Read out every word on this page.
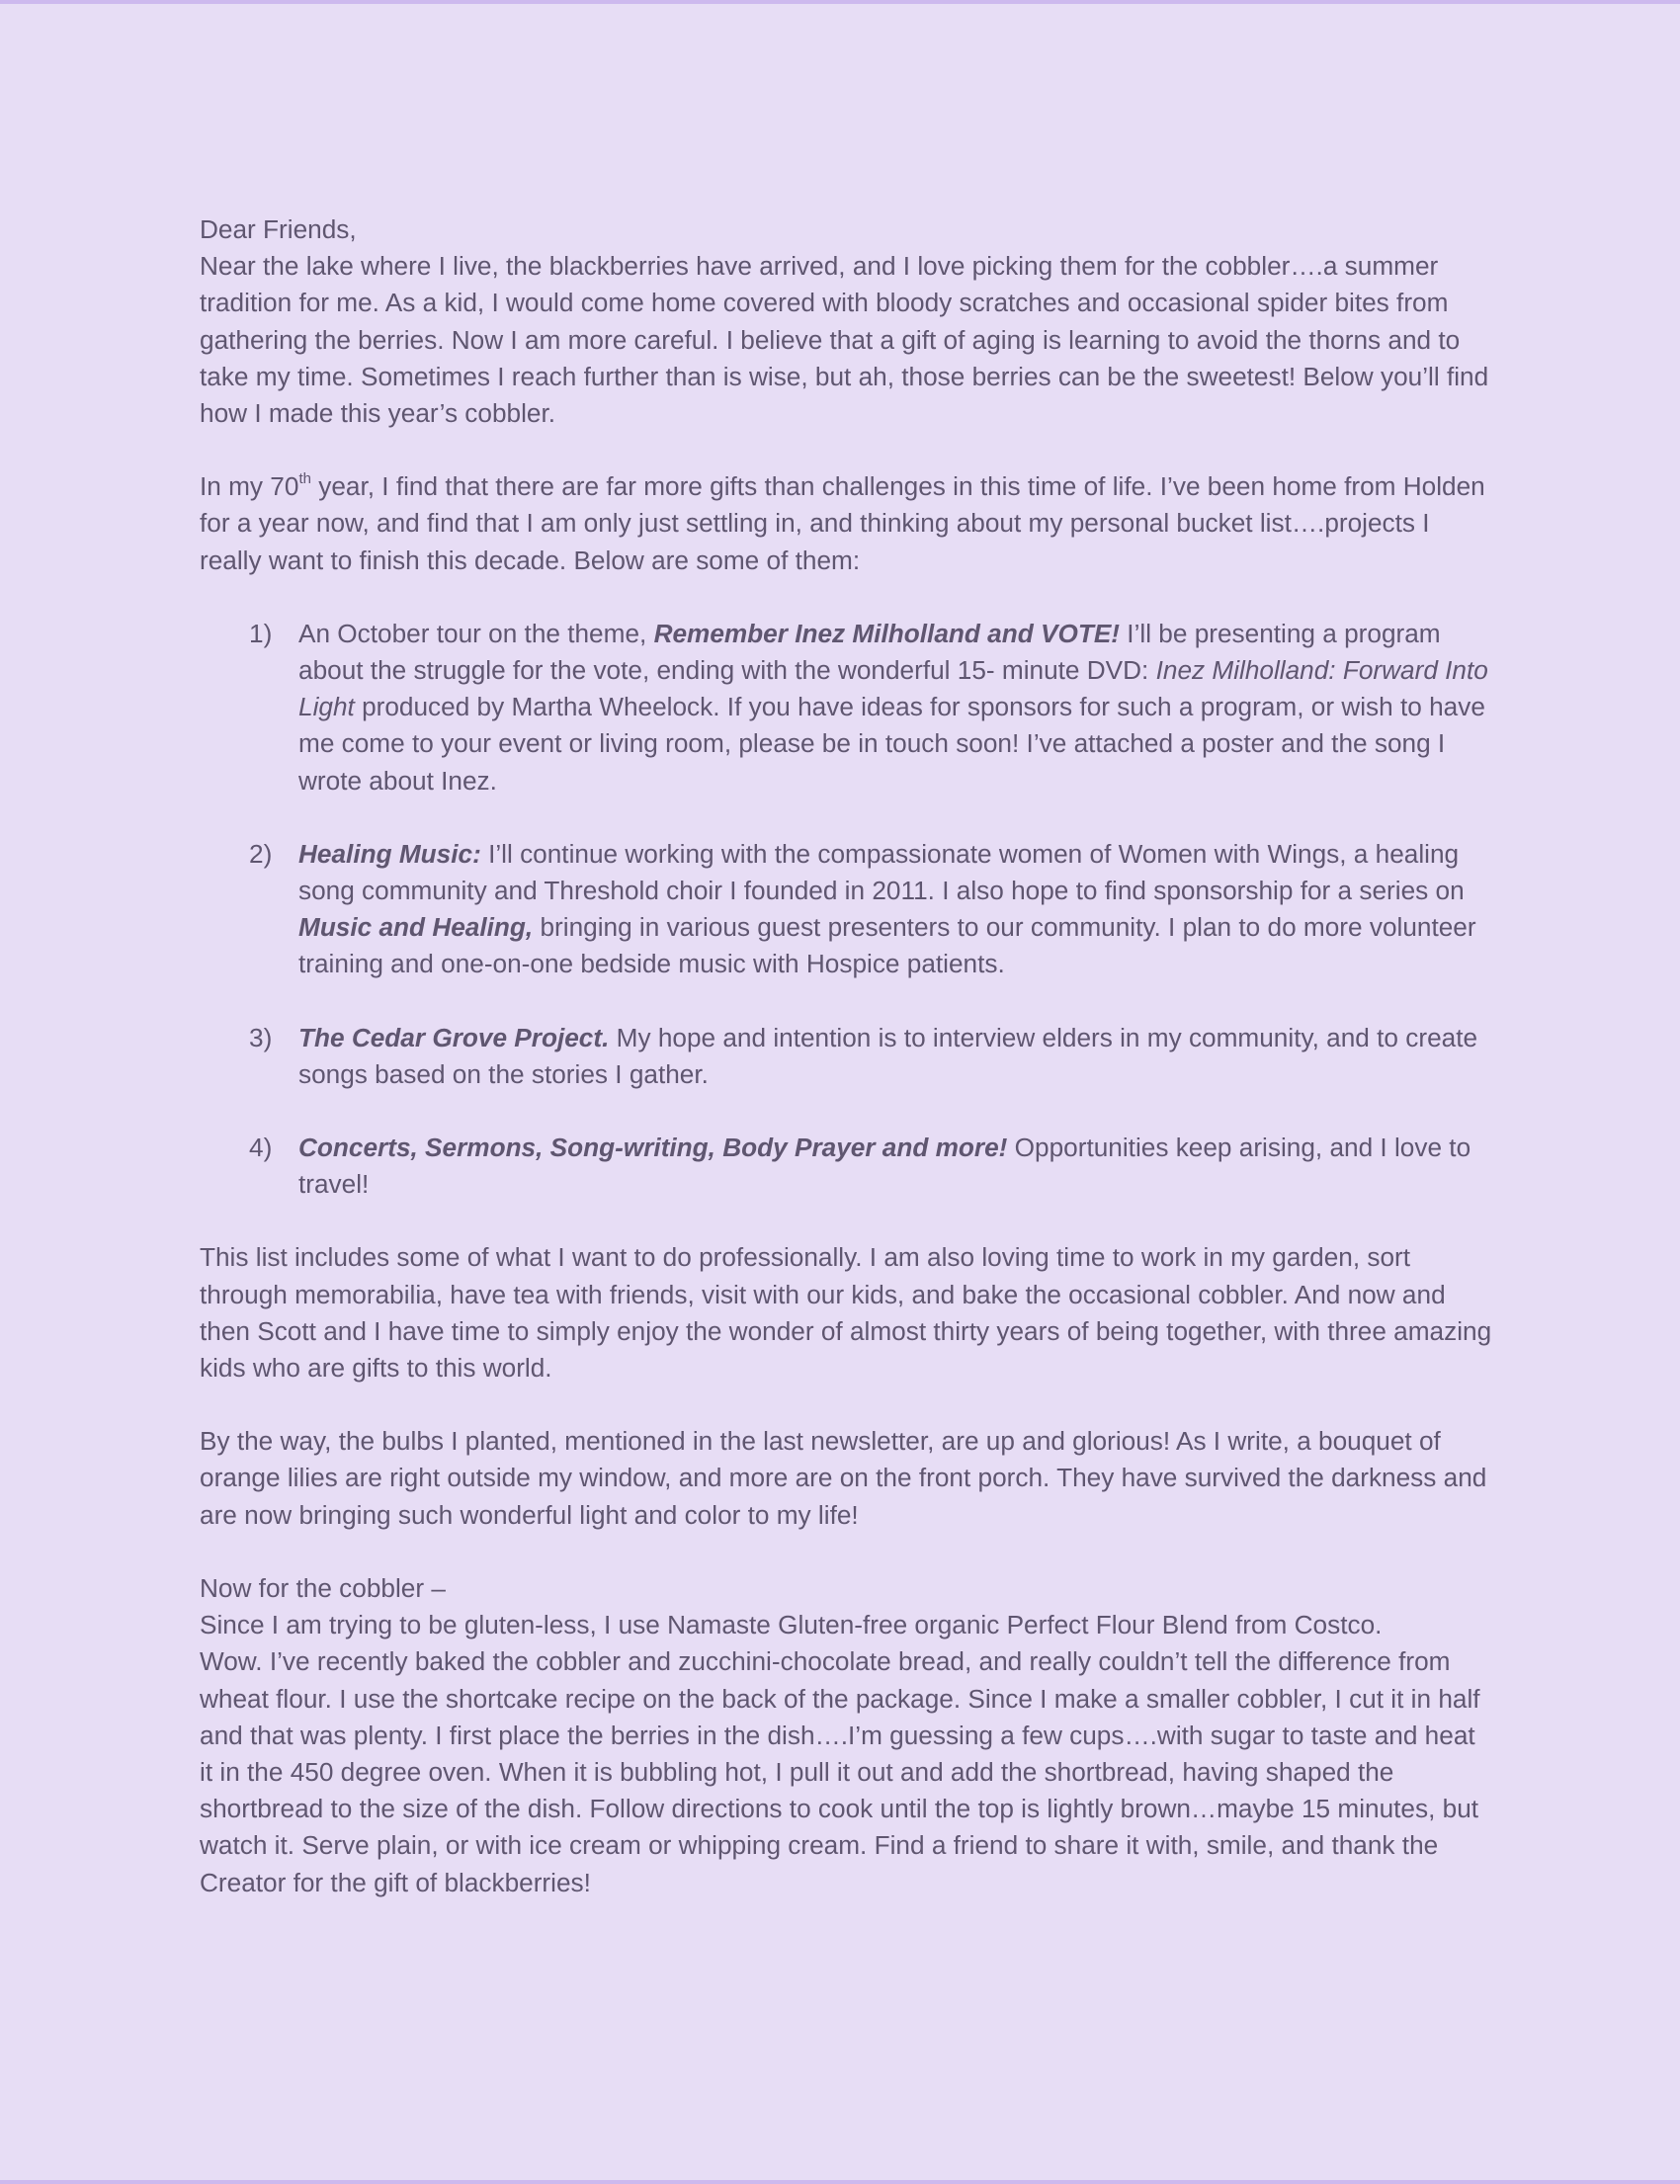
Dear Friends,

Near the lake where I live, the blackberries have arrived, and I love picking them for the cobbler….a summer tradition for me. As a kid, I would come home covered with bloody scratches and occasional spider bites from gathering the berries. Now I am more careful. I believe that a gift of aging is learning to avoid the thorns and to take my time. Sometimes I reach further than is wise, but ah, those berries can be the sweetest! Below you’ll find how I made this year’s cobbler.

In my 70th year, I find that there are far more gifts than challenges in this time of life. I’ve been home from Holden for a year now, and find that I am only just settling in, and thinking about my personal bucket list….projects I really want to finish this decade. Below are some of them:

1) An October tour on the theme, Remember Inez Milholland and VOTE! I’ll be presenting a program about the struggle for the vote, ending with the wonderful 15- minute DVD: Inez Milholland: Forward Into Light produced by Martha Wheelock. If you have ideas for sponsors for such a program, or wish to have me come to your event or living room, please be in touch soon! I’ve attached a poster and the song I wrote about Inez.
2) Healing Music: I’ll continue working with the compassionate women of Women with Wings, a healing song community and Threshold choir I founded in 2011. I also hope to find sponsorship for a series on Music and Healing, bringing in various guest presenters to our community. I plan to do more volunteer training and one-on-one bedside music with Hospice patients.
3) The Cedar Grove Project. My hope and intention is to interview elders in my community, and to create songs based on the stories I gather.
4) Concerts, Sermons, Song-writing, Body Prayer and more! Opportunities keep arising, and I love to travel!

This list includes some of what I want to do professionally. I am also loving time to work in my garden, sort through memorabilia, have tea with friends, visit with our kids, and bake the occasional cobbler. And now and then Scott and I have time to simply enjoy the wonder of almost thirty years of being together, with three amazing kids who are gifts to this world.

By the way, the bulbs I planted, mentioned in the last newsletter, are up and glorious! As I write, a bouquet of orange lilies are right outside my window, and more are on the front porch. They have survived the darkness and are now bringing such wonderful light and color to my life!

Now for the cobbler –

Since I am trying to be gluten-less, I use Namaste Gluten-free organic Perfect Flour Blend from Costco.

Wow. I’ve recently baked the cobbler and zucchini-chocolate bread, and really couldn’t tell the difference from wheat flour. I use the shortcake recipe on the back of the package. Since I make a smaller cobbler, I cut it in half and that was plenty. I first place the berries in the dish….I’m guessing a few cups….with sugar to taste and heat it in the 450 degree oven. When it is bubbling hot, I pull it out and add the shortbread, having shaped the shortbread to the size of the dish. Follow directions to cook until the top is lightly brown…maybe 15 minutes, but watch it. Serve plain, or with ice cream or whipping cream. Find a friend to share it with, smile, and thank the Creator for the gift of blackberries!
